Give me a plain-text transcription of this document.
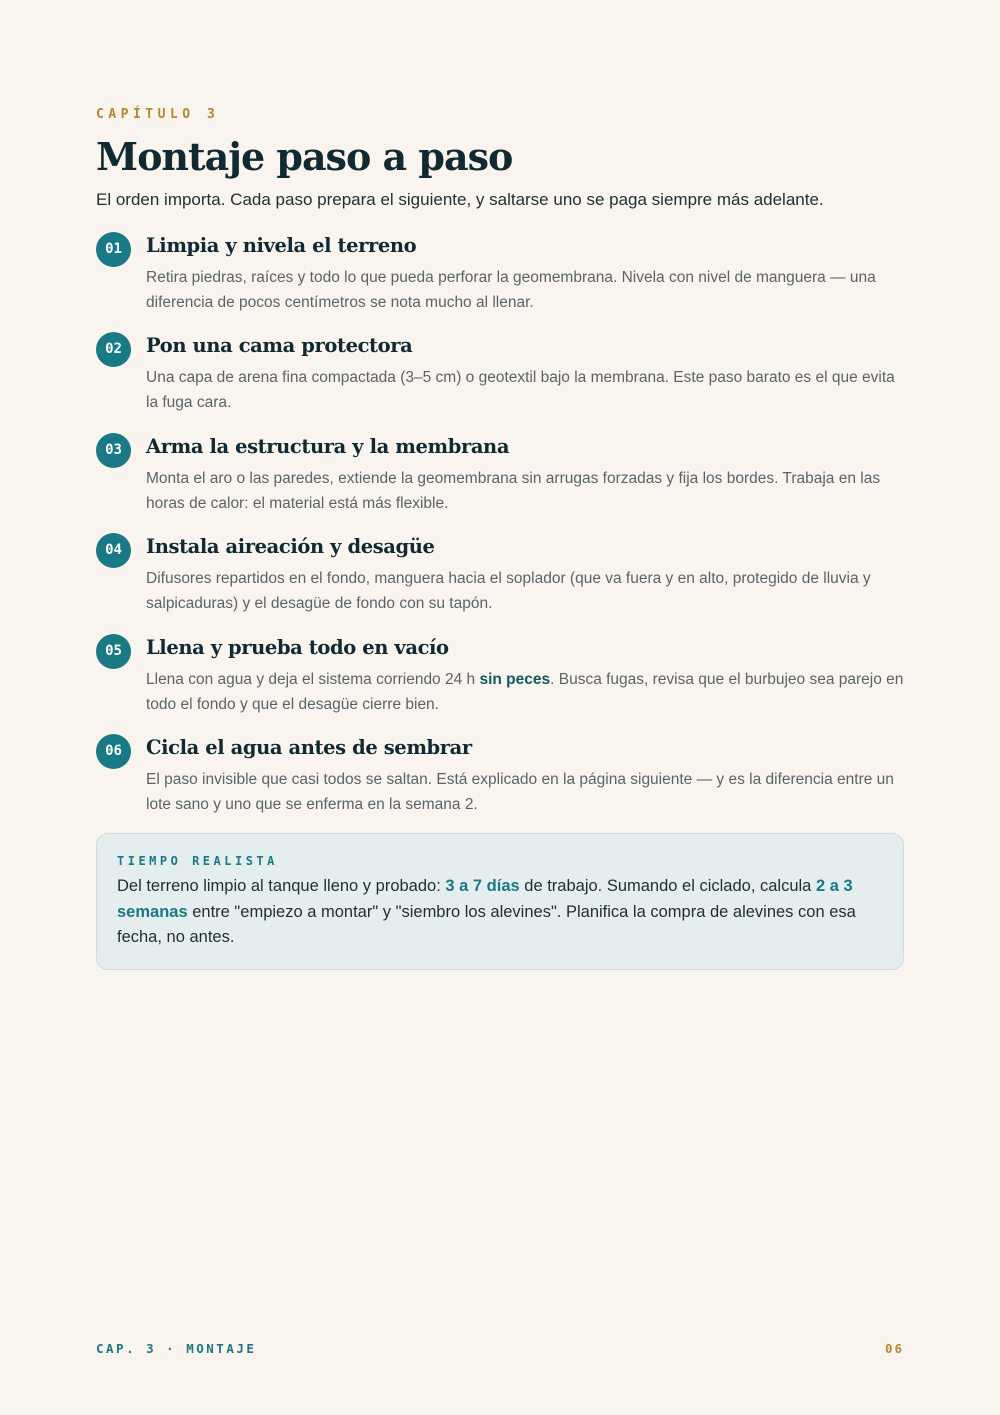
CAPÍTULO 3
Montaje paso a paso
El orden importa. Cada paso prepara el siguiente, y saltarse uno se paga siempre más adelante.
01	Limpia y nivela el terreno
Retira piedras, raíces y todo lo que pueda perforar la geomembrana. Nivela con nivel de manguera — una diferencia de pocos centímetros se nota mucho al llenar.
02	Pon una cama protectora
Una capa de arena fina compactada (3–5 cm) o geotextil bajo la membrana. Este paso barato es el que evita la fuga cara.
03	Arma la estructura y la membrana
Monta el aro o las paredes, extiende la geomembrana sin arrugas forzadas y fija los bordes. Trabaja en las horas de calor: el material está más flexible.
04	Instala aireación y desagüe
Difusores repartidos en el fondo, manguera hacia el soplador (que va fuera y en alto, protegido de lluvia y salpicaduras) y el desagüe de fondo con su tapón.
05	Llena y prueba todo en vacío
Llena con agua y deja el sistema corriendo 24 h sin peces. Busca fugas, revisa que el burbujeo sea parejo en todo el fondo y que el desagüe cierre bien.
06	Cicla el agua antes de sembrar
El paso invisible que casi todos se saltan. Está explicado en la página siguiente — y es la diferencia entre un lote sano y uno que se enferma en la semana 2.
TIEMPO REALISTA
Del terreno limpio al tanque lleno y probado: 3 a 7 días de trabajo. Sumando el ciclado, calcula 2 a 3 semanas entre "empiezo a montar" y "siembro los alevines". Planifica la compra de alevines con esa fecha, no antes.
CAP. 3 · MONTAJE	06
